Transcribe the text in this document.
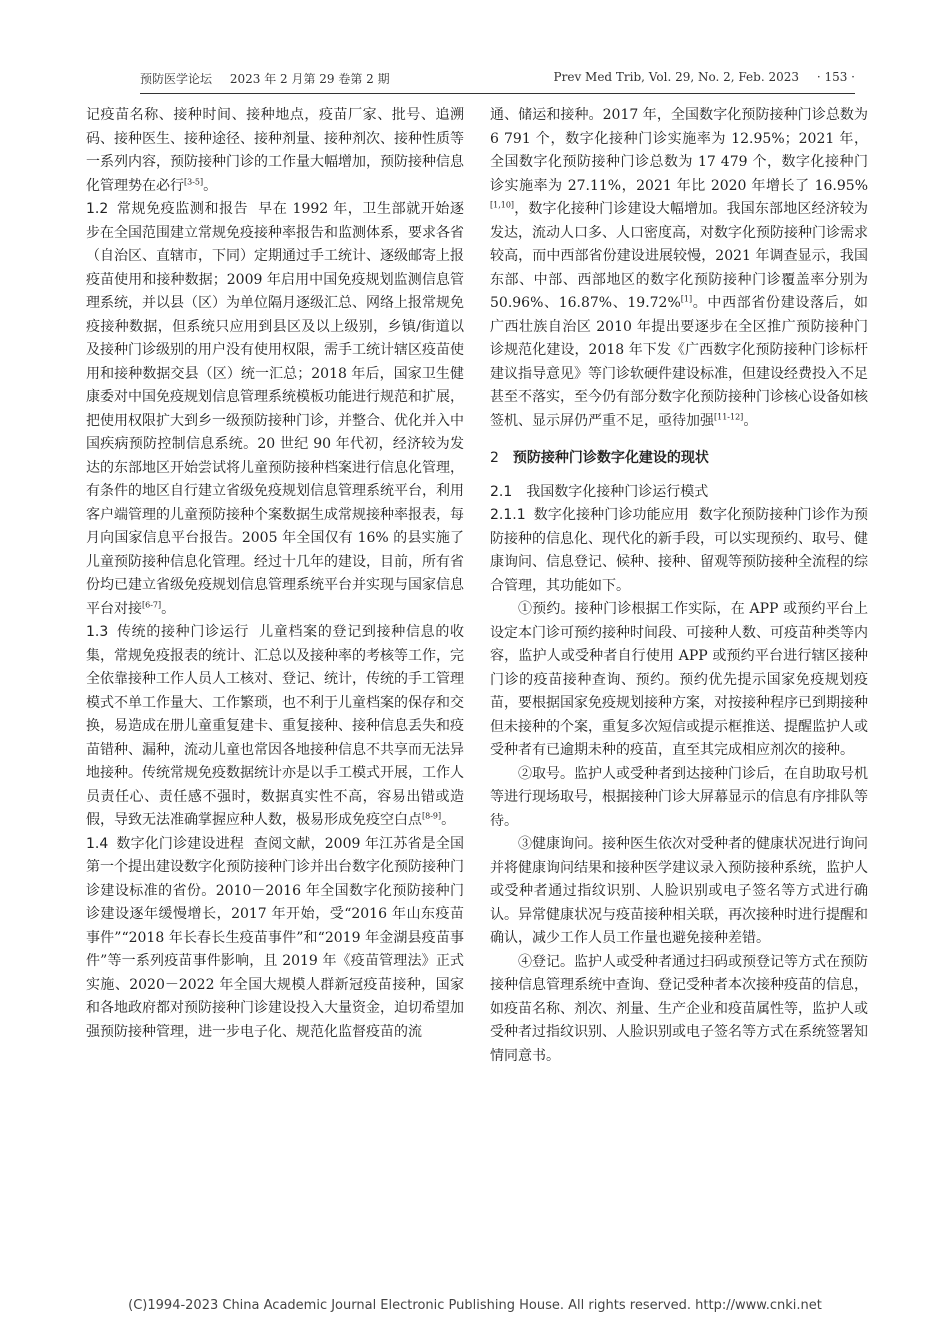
预防医学论坛 2023 年 2 月第 29 卷第 2 期	Prev Med Trib, Vol. 29, No. 2, Feb. 2023 · 153 ·

记疫苗名称、接种时间、接种地点，疫苗厂家、批号、追溯码、接种医生、接种途径、接种剂量、接种剂次、接种性质等一系列内容，预防接种门诊的工作量大幅增加，预防接种信息化管理势在必行[3-5]。

1.2 常规免疫监测和报告 早在 1992 年，卫生部就开始逐步在全国范围建立常规免疫接种率报告和监测体系，要求各省（自治区、直辖市，下同）定期通过手工统计、逐级邮寄上报疫苗使用和接种数据；2009 年启用中国免疫规划监测信息管理系统，并以县（区）为单位隔月逐级汇总、网络上报常规免疫接种数据，但系统只应用到县区及以上级别，乡镇/街道以及接种门诊级别的用户没有使用权限，需手工统计辖区疫苗使用和接种数据交县（区）统一汇总；2018 年后，国家卫生健康委对中国免疫规划信息管理系统模板功能进行规范和扩展，把使用权限扩大到乡一级预防接种门诊，并整合、优化并入中国疾病预防控制信息系统。20 世纪 90 年代初，经济较为发达的东部地区开始尝试将儿童预防接种档案进行信息化管理，有条件的地区自行建立省级免疫规划信息管理系统平台，利用客户端管理的儿童预防接种个案数据生成常规接种率报表，每月向国家信息平台报告。2005 年全国仅有 16% 的县实施了儿童预防接种信息化管理。经过十几年的建设，目前，所有省份均已建立省级免疫规划信息管理系统平台并实现与国家信息平台对接[6-7]。

1.3 传统的接种门诊运行 儿童档案的登记到接种信息的收集，常规免疫报表的统计、汇总以及接种率的考核等工作，完全依靠接种工作人员人工核对、登记、统计，传统的手工管理模式不单工作量大、工作繁琐，也不利于儿童档案的保存和交换，易造成在册儿童重复建卡、重复接种、接种信息丢失和疫苗错种、漏种，流动儿童也常因各地接种信息不共享而无法异地接种。传统常规免疫数据统计亦是以手工模式开展，工作人员责任心、责任感不强时，数据真实性不高，容易出错或造假，导致无法准确掌握应种人数，极易形成免疫空白点[8-9]。

1.4 数字化门诊建设进程 查阅文献，2009 年江苏省是全国第一个提出建设数字化预防接种门诊并出台数字化预防接种门诊建设标准的省份。2010－2016 年全国数字化预防接种门诊建设逐年缓慢增长，2017 年开始，受“2016 年山东疫苗事件”“2018 年长春长生疫苗事件”和“2019 年金湖县疫苗事件”等一系列疫苗事件影响，且 2019 年《疫苗管理法》正式实施、2020－2022 年全国大规模人群新冠疫苗接种，国家和各地政府都对预防接种门诊建设投入大量资金，迫切希望加强预防接种管理，进一步电子化、规范化监督疫苗的流

通、储运和接种。2017 年，全国数字化预防接种门诊总数为 6 791 个，数字化接种门诊实施率为 12.95%；2021 年，全国数字化预防接种门诊总数为 17 479 个，数字化接种门诊实施率为 27.11%，2021 年比 2020 年增长了 16.95%[1,10]，数字化接种门诊建设大幅增加。我国东部地区经济较为发达，流动人口多、人口密度高，对数字化预防接种门诊需求较高，而中西部省份建设进展较慢，2021 年调查显示，我国东部、中部、西部地区的数字化预防接种门诊覆盖率分别为 50.96%、16.87%、19.72%[1]。中西部省份建设落后，如广西壮族自治区 2010 年提出要逐步在全区推广预防接种门诊规范化建设，2018 年下发《广西数字化预防接种门诊标杆建议指导意见》等门诊软硬件建设标准，但建设经费投入不足甚至不落实，至今仍有部分数字化预防接种门诊核心设备如核签机、显示屏仍严重不足，亟待加强[11-12]。

2 预防接种门诊数字化建设的现状
2.1 我国数字化接种门诊运行模式

2.1.1 数字化接种门诊功能应用 数字化预防接种门诊作为预防接种的信息化、现代化的新手段，可以实现预约、取号、健康询问、信息登记、候种、接种、留观等预防接种全流程的综合管理，其功能如下。

①预约。接种门诊根据工作实际，在 APP 或预约平台上设定本门诊可预约接种时间段、可接种人数、可疫苗种类等内容，监护人或受种者自行使用 APP 或预约平台进行辖区接种门诊的疫苗接种查询、预约。预约优先提示国家免疫规划疫苗，要根据国家免疫规划接种方案，对按接种程序已到期接种但未接种的个案，重复多次短信或提示框推送、提醒监护人或受种者有已逾期未种的疫苗，直至其完成相应剂次的接种。

②取号。监护人或受种者到达接种门诊后，在自助取号机等进行现场取号，根据接种门诊大屏幕显示的信息有序排队等待。

③健康询问。接种医生依次对受种者的健康状况进行询问并将健康询问结果和接种医学建议录入预防接种系统，监护人或受种者通过指纹识别、人脸识别或电子签名等方式进行确认。异常健康状况与疫苗接种相关联，再次接种时进行提醒和确认，减少工作人员工作量也避免接种差错。

④登记。监护人或受种者通过扫码或预登记等方式在预防接种信息管理系统中查询、登记受种者本次接种疫苗的信息，如疫苗名称、剂次、剂量、生产企业和疫苗属性等，监护人或受种者过指纹识别、人脸识别或电子签名等方式在系统签署知情同意书。

(C)1994-2023 China Academic Journal Electronic Publishing House. All rights reserved. http://www.cnki.net
